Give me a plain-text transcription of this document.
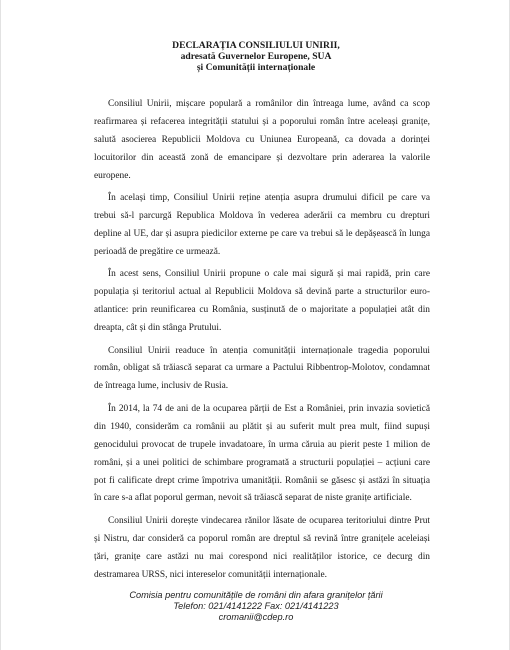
DECLARAȚIA CONSILIULUI UNIRII,
adresată Guvernelor Europene, SUA
și Comunității internaționale

Consiliul Unirii, mișcare populară a românilor din întreaga lume, având ca scop reafirmarea și refacerea integrității statului și a poporului român între aceleași granițe, salută asocierea Republicii Moldova cu Uniunea Europeană, ca dovada a dorinței locuitorilor din această zonă de emancipare și dezvoltare prin aderarea la valorile europene.

În același timp, Consiliul Unirii reține atenția asupra drumului dificil pe care va trebui să-l parcurgă Republica Moldova în vederea aderării ca membru cu drepturi depline al UE, dar și asupra piedicilor externe pe care va trebui să le depășească în lunga perioadă de pregătire ce urmează.

În acest sens, Consiliul Unirii propune o cale mai sigură și mai rapidă, prin care populația și teritoriul actual al Republicii Moldova să devină parte a structurilor euro-atlantice: prin reunificarea cu România, susținută de o majoritate a populației atât din dreapta, cât și din stânga Prutului.

Consiliul Unirii readuce în atenția comunității internaționale tragedia poporului român, obligat să trăiască separat ca urmare a Pactului Ribbentrop-Molotov, condamnat de întreaga lume, inclusiv de Rusia.

În 2014, la 74 de ani de la ocuparea părții de Est a României, prin invazia sovietică din 1940, considerăm ca românii au plătit și au suferit mult prea mult, fiind supuși genocidului provocat de trupele invadatoare, în urma căruia au pierit peste 1 milion de români, și a unei politici de schimbare programată a structurii populației – acțiuni care pot fi calificate drept crime împotriva umanității. Românii se găsesc și astăzi în situația în care s-a aflat poporul german, nevoit să trăiască separat de niste granițe artificiale.

Consiliul Unirii dorește vindecarea rănilor lăsate de ocuparea teritoriului dintre Prut și Nistru, dar consideră ca poporul român are dreptul să revină între granițele aceleiași țări, granițe care astăzi nu mai corespond nici realităților istorice, ce decurg din destramarea URSS, nici intereselor comunității internaționale.

Comisia pentru comunitățile de români din afara granițelor țării
Telefon: 021/4141222 Fax: 021/4141223
cromanii@cdep.ro
